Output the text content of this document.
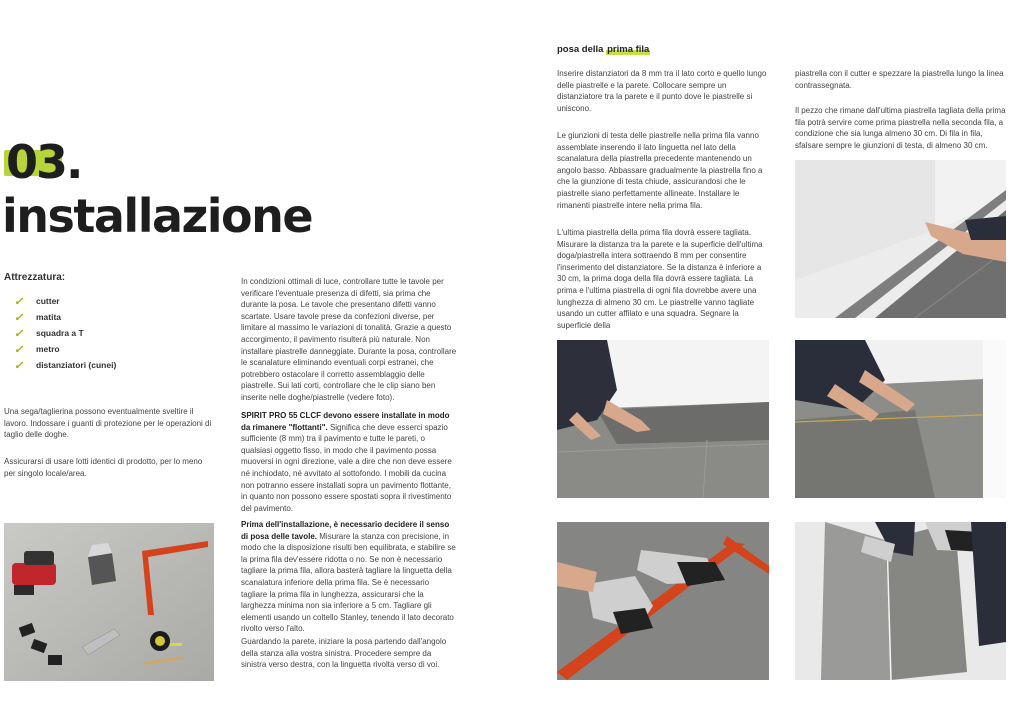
03.
installazione
Attrezzatura:
✓	cutter
✓	matita
✓	squadra a T
✓	metro
✓	distanziatori (cunei)

Una sega/taglierina possono eventualmente sveltire il lavoro. Indossare i guanti di protezione per le operazioni di taglio delle doghe.

Assicurarsi di usare lotti identici di prodotto, per lo meno per singolo locale/area.

In condizioni ottimali di luce, controllare tutte le tavole per verificare l'eventuale presenza di difetti, sia prima che durante la posa. Le tavole che presentano difetti vanno scartate. Usare tavole prese da confezioni diverse, per limitare al massimo le variazioni di tonalità. Grazie a questo accorgimento, il pavimento risulterà più naturale. Non installare piastrelle danneggiate. Durante la posa, controllare le scanalature eliminando eventuali corpi estranei, che potrebbero ostacolare il corretto assemblaggio delle piastrelle. Sui lati corti, controllare che le clip siano ben inserite nelle doghe/piastrelle (vedere foto).

SPIRIT PRO 55 CLCF devono essere installate in modo da rimanere "flottanti". Significa che deve esserci spazio sufficiente (8 mm) tra il pavimento e tutte le pareti, o qualsiasi oggetto fisso, in modo che il pavimento possa muoversi in ogni direzione, vale a dire che non deve essere né inchiodato, né avvitato al sottofondo. I mobili da cucina non potranno essere installati sopra un pavimento flottante, in quanto non possono essere spostati sopra il rivestimento del pavimento.

Prima dell'installazione, è necessario decidere il senso di posa delle tavole. Misurare la stanza con precisione, in modo che la disposizione risulti ben equilibrata, e stabilire se la prima fila dev'essere ridotta o no. Se non è necessario tagliare la prima fila, allora basterà tagliare la linguetta della scanalatura inferiore della prima fila. Se è necessario tagliare la prima fila in lunghezza, assicurarsi che la larghezza minima non sia inferiore a 5 cm. Tagliare gli elementi usando un coltello Stanley, tenendo il lato decorato rivolto verso l'alto.

Guardando la parete, iniziare la posa partendo dall'angolo della stanza alla vostra sinistra. Procedere sempre da sinistra verso destra, con la linguetta rivolta verso di voi.

posa della prima fila

Inserire distanziatori da 8 mm tra il lato corto e quello lungo delle piastrelle e la parete. Collocare sempre un distanziatore tra la parete e il punto dove le piastrelle si uniscono.

Le giunzioni di testa delle piastrelle nella prima fila vanno assemblate inserendo il lato linguetta nel lato della scanalatura della piastrella precedente mantenendo un angolo basso. Abbassare gradualmente la piastrella fino a che la giunzione di testa chiude, assicurandosi che le piastrelle siano perfettamente allineate. Installare le rimanenti piastrelle intere nella prima fila.

L'ultima piastrella della prima fila dovrà essere tagliata. Misurare la distanza tra la parete e la superficie dell'ultima doga/piastrella intera sottraendo 8 mm per consentire l'inserimento del distanziatore. Se la distanza è inferiore a 30 cm, la prima doga della fila dovrà essere tagliata. La prima e l'ultima piastrella di ogni fila dovrebbe avere una lunghezza di almeno 30 cm. Le piastrelle vanno tagliate usando un cutter affilato e una squadra. Segnare la superficie della

piastrella con il cutter e spezzare la piastrella lungo la linea contrassegnata.

Il pezzo che rimane dall'ultima piastrella tagliata della prima fila potrà servire come prima piastrella nella seconda fila, a condizione che sia lunga almeno 30 cm. Di fila in fila, sfalsare sempre le giunzioni di testa, di almeno 30 cm.
